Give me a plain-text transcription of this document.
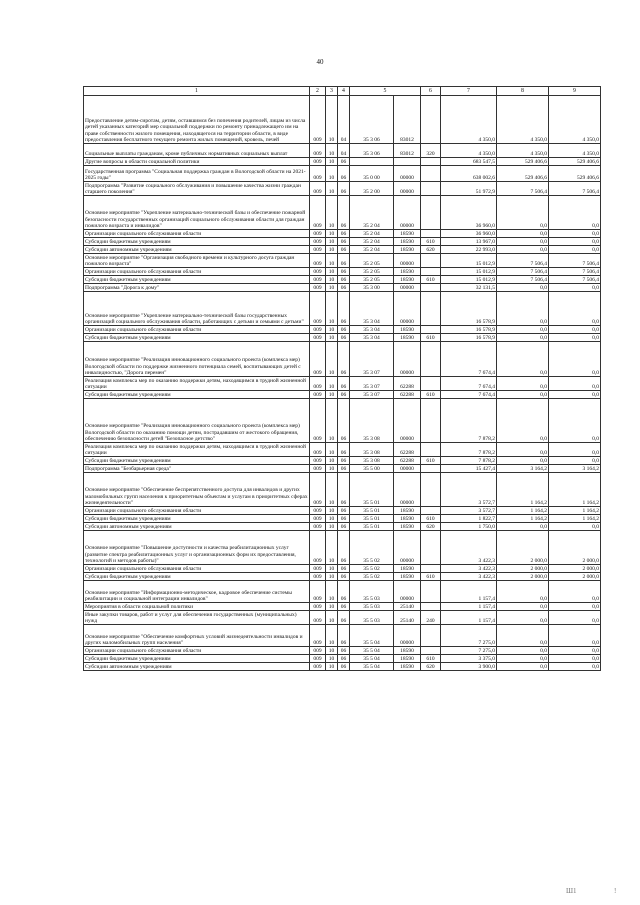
40
1	2	3	4	5		6	7	8	9
Предоставление детям-сиротам, детям, оставшимся без попечения родителей, лицам из числа детей указанных категорий мер социальной поддержки по ремонту принадлежащего им на праве собственности жилого помещения, находящегося на территории области, в виде предоставления бесплатного текущего ремонта жилых помещений, кровель, печей	009	10	04	35 3 06	83012		4 350,0	4 350,0	4 350,0
Социальные выплаты гражданам, кроме публичных нормативных социальных выплат	009	10	04	35 3 06	83012	320	4 350,0	4 350,0	4 350,0
Другие вопросы в области социальной политики	009	10	06				683 547,5	529 406,6	529 406,6
Государственная программа "Социальная поддержка граждан в Вологодской области на 2021-2025 годы"	009	10	06	35 0 00	00000		638 002,6	529 406,6	529 406,6
Подпрограмма "Развитие социального обслуживания и повышение качества жизни граждан старшего поколения"	009	10	06	35 2 00	00000		51 972,9	7 506,4	7 506,4
Основное мероприятие "Укрепление материально-технической базы и обеспечение пожарной безопасности государственных организаций социального обслуживания области для граждан пожилого возраста и инвалидов"	009	10	06	35 2 04	00000		36 960,0	0,0	0,0
Организации социального обслуживания области	009	10	06	35 2 04	18590		36 960,0	0,0	0,0
Субсидии бюджетным учреждениям	009	10	06	35 2 04	18590	610	13 967,0	0,0	0,0
Субсидии автономным учреждениям	009	10	06	35 2 04	18590	620	22 993,0	0,0	0,0
Основное мероприятие "Организация свободного времени и культурного досуга граждан пожилого возраста"	009	10	06	35 2 05	00000		15 012,9	7 506,4	7 506,4
Организации социального обслуживания области	009	10	06	35 2 05	18590		15 012,9	7 506,4	7 506,4
Субсидии бюджетным учреждениям	009	10	06	35 2 05	18590	610	15 012,9	7 506,4	7 506,4
Подпрограмма "Дорога к дому"	009	10	06	35 3 00	00000		32 131,5	0,0	0,0
Основное мероприятие "Укрепление материально-технической базы государственных организаций социального обслуживания области, работающих с детьми и семьями с детьми"	009	10	06	35 3 04	00000		16 578,9	0,0	0,0
Организации социального обслуживания области	009	10	06	35 3 04	18590		16 578,9	0,0	0,0
Субсидии бюджетным учреждениям	009	10	06	35 3 04	18590	610	16 578,9	0,0	0,0
Основное мероприятие "Реализация инновационного социального проекта (комплекса мер) Вологодской области по поддержке жизненного потенциала семей, воспитывающих детей с инвалидностью, "Дорога перемен"	009	10	06	35 3 07	00000		7 674,4	0,0	0,0
Реализация комплекса мер по оказанию поддержки детям, находящимся в трудной жизненной ситуации	009	10	06	35 3 07	62288		7 674,4	0,0	0,0
Субсидии бюджетным учреждениям	009	10	06	35 3 07	62288	610	7 674,4	0,0	0,0
Основное мероприятие "Реализация инновационного социального проекта (комплекса мер) Вологодской области по оказанию помощи детям, пострадавшим от жестокого обращения, обеспечению безопасности детей "Безопасное детство"	009	10	06	35 3 08	00000		7 878,2	0,0	0,0
Реализация комплекса мер по оказанию поддержки детям, находящимся в трудной жизненной ситуации	009	10	06	35 3 08	62288		7 878,2	0,0	0,0
Субсидии бюджетным учреждениям	009	10	06	35 3 08	62288	610	7 878,2	0,0	0,0
Подпрограмма "Безбарьерная среда"	009	10	06	35 5 00	00000		15 427,4	3 164,2	3 164,2
Основное мероприятие "Обеспечение беспрепятственного доступа для инвалидов и других маломобильных групп населения к приоритетным объектам и услугам в приоритетных сферах жизнедеятельности"	009	10	06	35 5 01	00000		3 572,7	1 164,2	1 164,2
Организации социального обслуживания области	009	10	06	35 5 01	18590		3 572,7	1 164,2	1 164,2
Субсидии бюджетным учреждениям	009	10	06	35 5 01	18590	610	1 822,7	1 164,2	1 164,2
Субсидии автономным учреждениям	009	10	06	35 5 01	18590	620	1 750,0	0,0	0,0
Основное мероприятие "Повышение доступности и качества реабилитационных услуг (развитие спектра реабилитационных услуг и организационных форм их предоставления, технологий и методов работы)"	009	10	06	35 5 02	00000		3 422,3	2 000,0	2 000,0
Организации социального обслуживания области	009	10	06	35 5 02	18590		3 422,3	2 000,0	2 000,0
Субсидии бюджетным учреждениям	009	10	06	35 5 02	18590	610	3 422,3	2 000,0	2 000,0
Основное мероприятие "Информационно-методическое, кадровое обеспечение системы реабилитации и социальной интеграции инвалидов"	009	10	06	35 5 03	00000		1 157,4	0,0	0,0
Мероприятия в области социальной политики	009	10	06	35 5 03	25140		1 157,4	0,0	0,0
Иные закупки товаров, работ и услуг для обеспечения государственных (муниципальных) нужд	009	10	06	35 5 03	25140	240	1 157,4	0,0	0,0
Основное мероприятие "Обеспечение комфортных условий жизнедеятельности инвалидов и других маломобильных групп населения"	009	10	06	35 5 04	00000		7 275,0	0,0	0,0
Организации социального обслуживания области	009	10	06	35 5 04	18590		7 275,0	0,0	0,0
Субсидии бюджетным учреждениям	009	10	06	35 5 04	18590	610	3 375,0	0,0	0,0
Субсидии автономным учреждениям	009	10	06	35 5 04	18590	620	3 900,0	0,0	0,0
Ш1	!
